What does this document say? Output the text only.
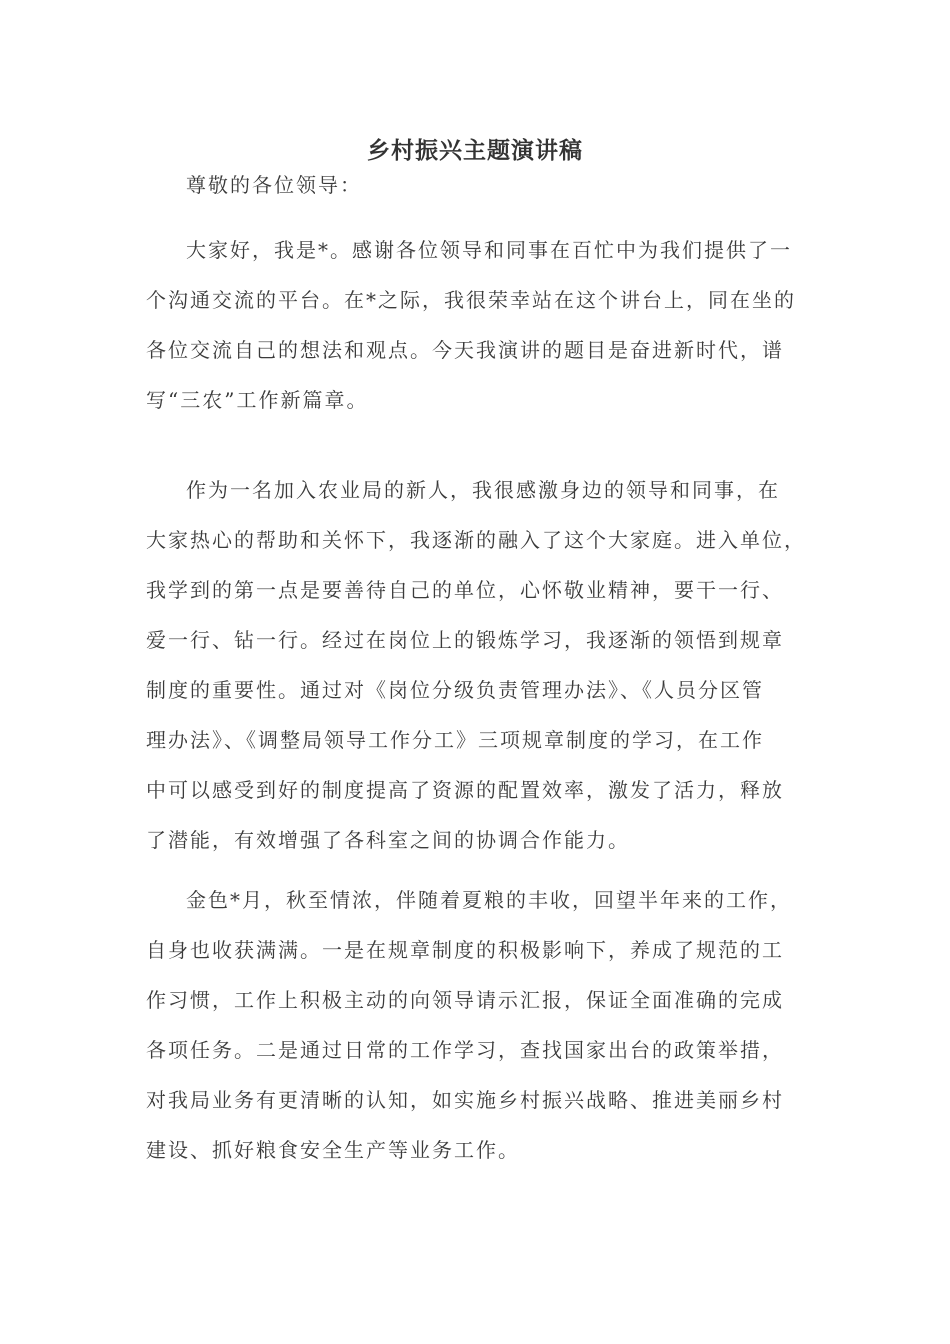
乡村振兴主题演讲稿

尊敬的各位领导：

大家好，我是*。感谢各位领导和同事在百忙中为我们提供了一
个沟通交流的平台。在*之际，我很荣幸站在这个讲台上，同在坐的
各位交流自己的想法和观点。今天我演讲的题目是奋进新时代，谱
写“三农”工作新篇章。

作为一名加入农业局的新人，我很感激身边的领导和同事，在
大家热心的帮助和关怀下，我逐渐的融入了这个大家庭。进入单位，
我学到的第一点是要善待自己的单位，心怀敬业精神，要干一行、
爱一行、钻一行。经过在岗位上的锻炼学习，我逐渐的领悟到规章
制度的重要性。通过对《岗位分级负责管理办法》、《人员分区管
理办法》、《调整局领导工作分工》三项规章制度的学习，在工作
中可以感受到好的制度提高了资源的配置效率，激发了活力，释放
了潜能，有效增强了各科室之间的协调合作能力。

金色*月，秋至情浓，伴随着夏粮的丰收，回望半年来的工作，
自身也收获满满。一是在规章制度的积极影响下，养成了规范的工
作习惯，工作上积极主动的向领导请示汇报，保证全面准确的完成
各项任务。二是通过日常的工作学习，查找国家出台的政策举措，
对我局业务有更清晰的认知，如实施乡村振兴战略、推进美丽乡村
建设、抓好粮食安全生产等业务工作。
